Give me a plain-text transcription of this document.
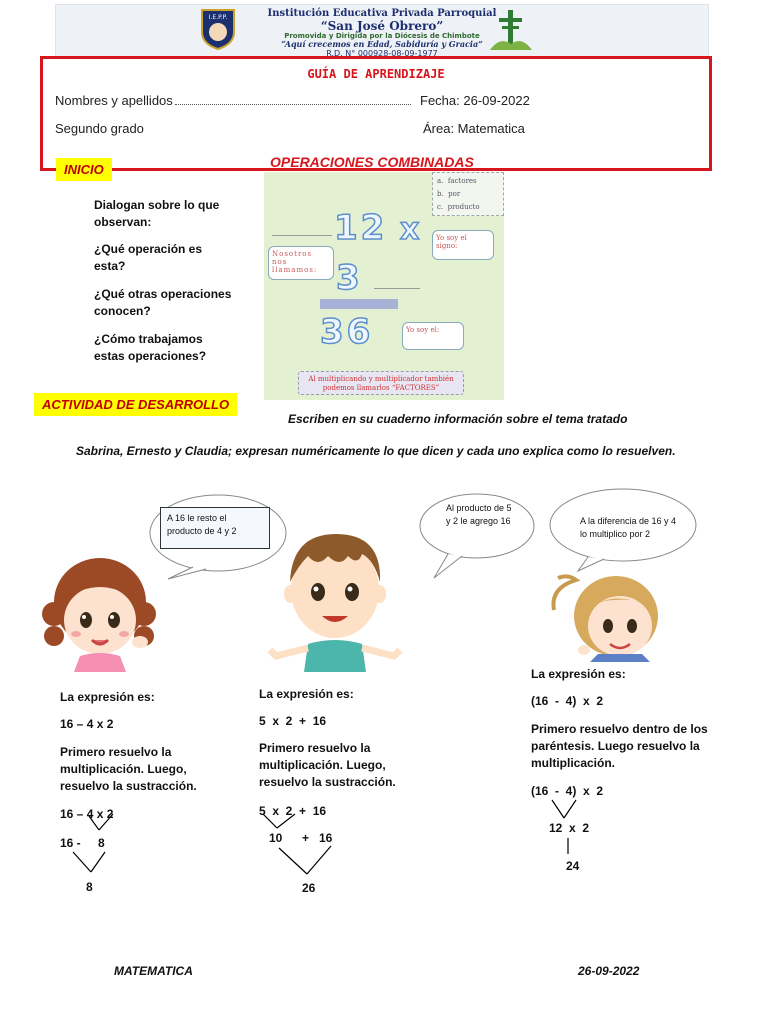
Institución Educativa Privada Parroquial
“San José Obrero”
Promovida y Dirigida por la Diócesis de Chimbote
“Aquí crecemos en Edad, Sabiduría y Gracia”
R.D. N° 000928-08-09-1977
I.E.P.P.
GUÍA DE APRENDIZAJE
Nombres y apellidos	Fecha: 26-09-2022
Segundo grado	Área: Matematica
INICIO	OPERACIONES COMBINADAS
Dialogan sobre lo que observan:
¿Qué operación es esta?
¿Qué otras operaciones conocen?
¿Cómo trabajamos estas operaciones?
a. factores
b. por
c. producto
12 x	Yo soy el signo:
Nosotros nos llamamos: 3
36	Yo soy el:
Al multiplicando y multiplicador también podemos llamarlos “FACTORES”
ACTIVIDAD DE DESARROLLO
Escriben en su cuaderno información sobre el tema tratado
Sabrina, Ernesto y Claudia; expresan numéricamente lo que dicen y cada uno explica como lo resuelven.
A 16 le resto el producto de 4 y 2
Al producto de 5 y 2 le agrego 16	A la diferencia de 16 y 4 lo multiplico por 2
La expresión es:
16 – 4 x 2
Primero resuelvo la multiplicación. Luego, resuelvo la sustracción.
16 – 4 x 2
16 - 8
8
La expresión es:
5  x  2  +  16
Primero resuelvo la multiplicación. Luego, resuelvo la sustracción.
5  x  2  +  16
10 +   16
26
La expresión es:
(16  -  4)  x  2
Primero resuelvo dentro de los paréntesis. Luego resuelvo la multiplicación.
(16  -  4)  x  2
12  x  2
24
MATEMATICA	26-09-2022
